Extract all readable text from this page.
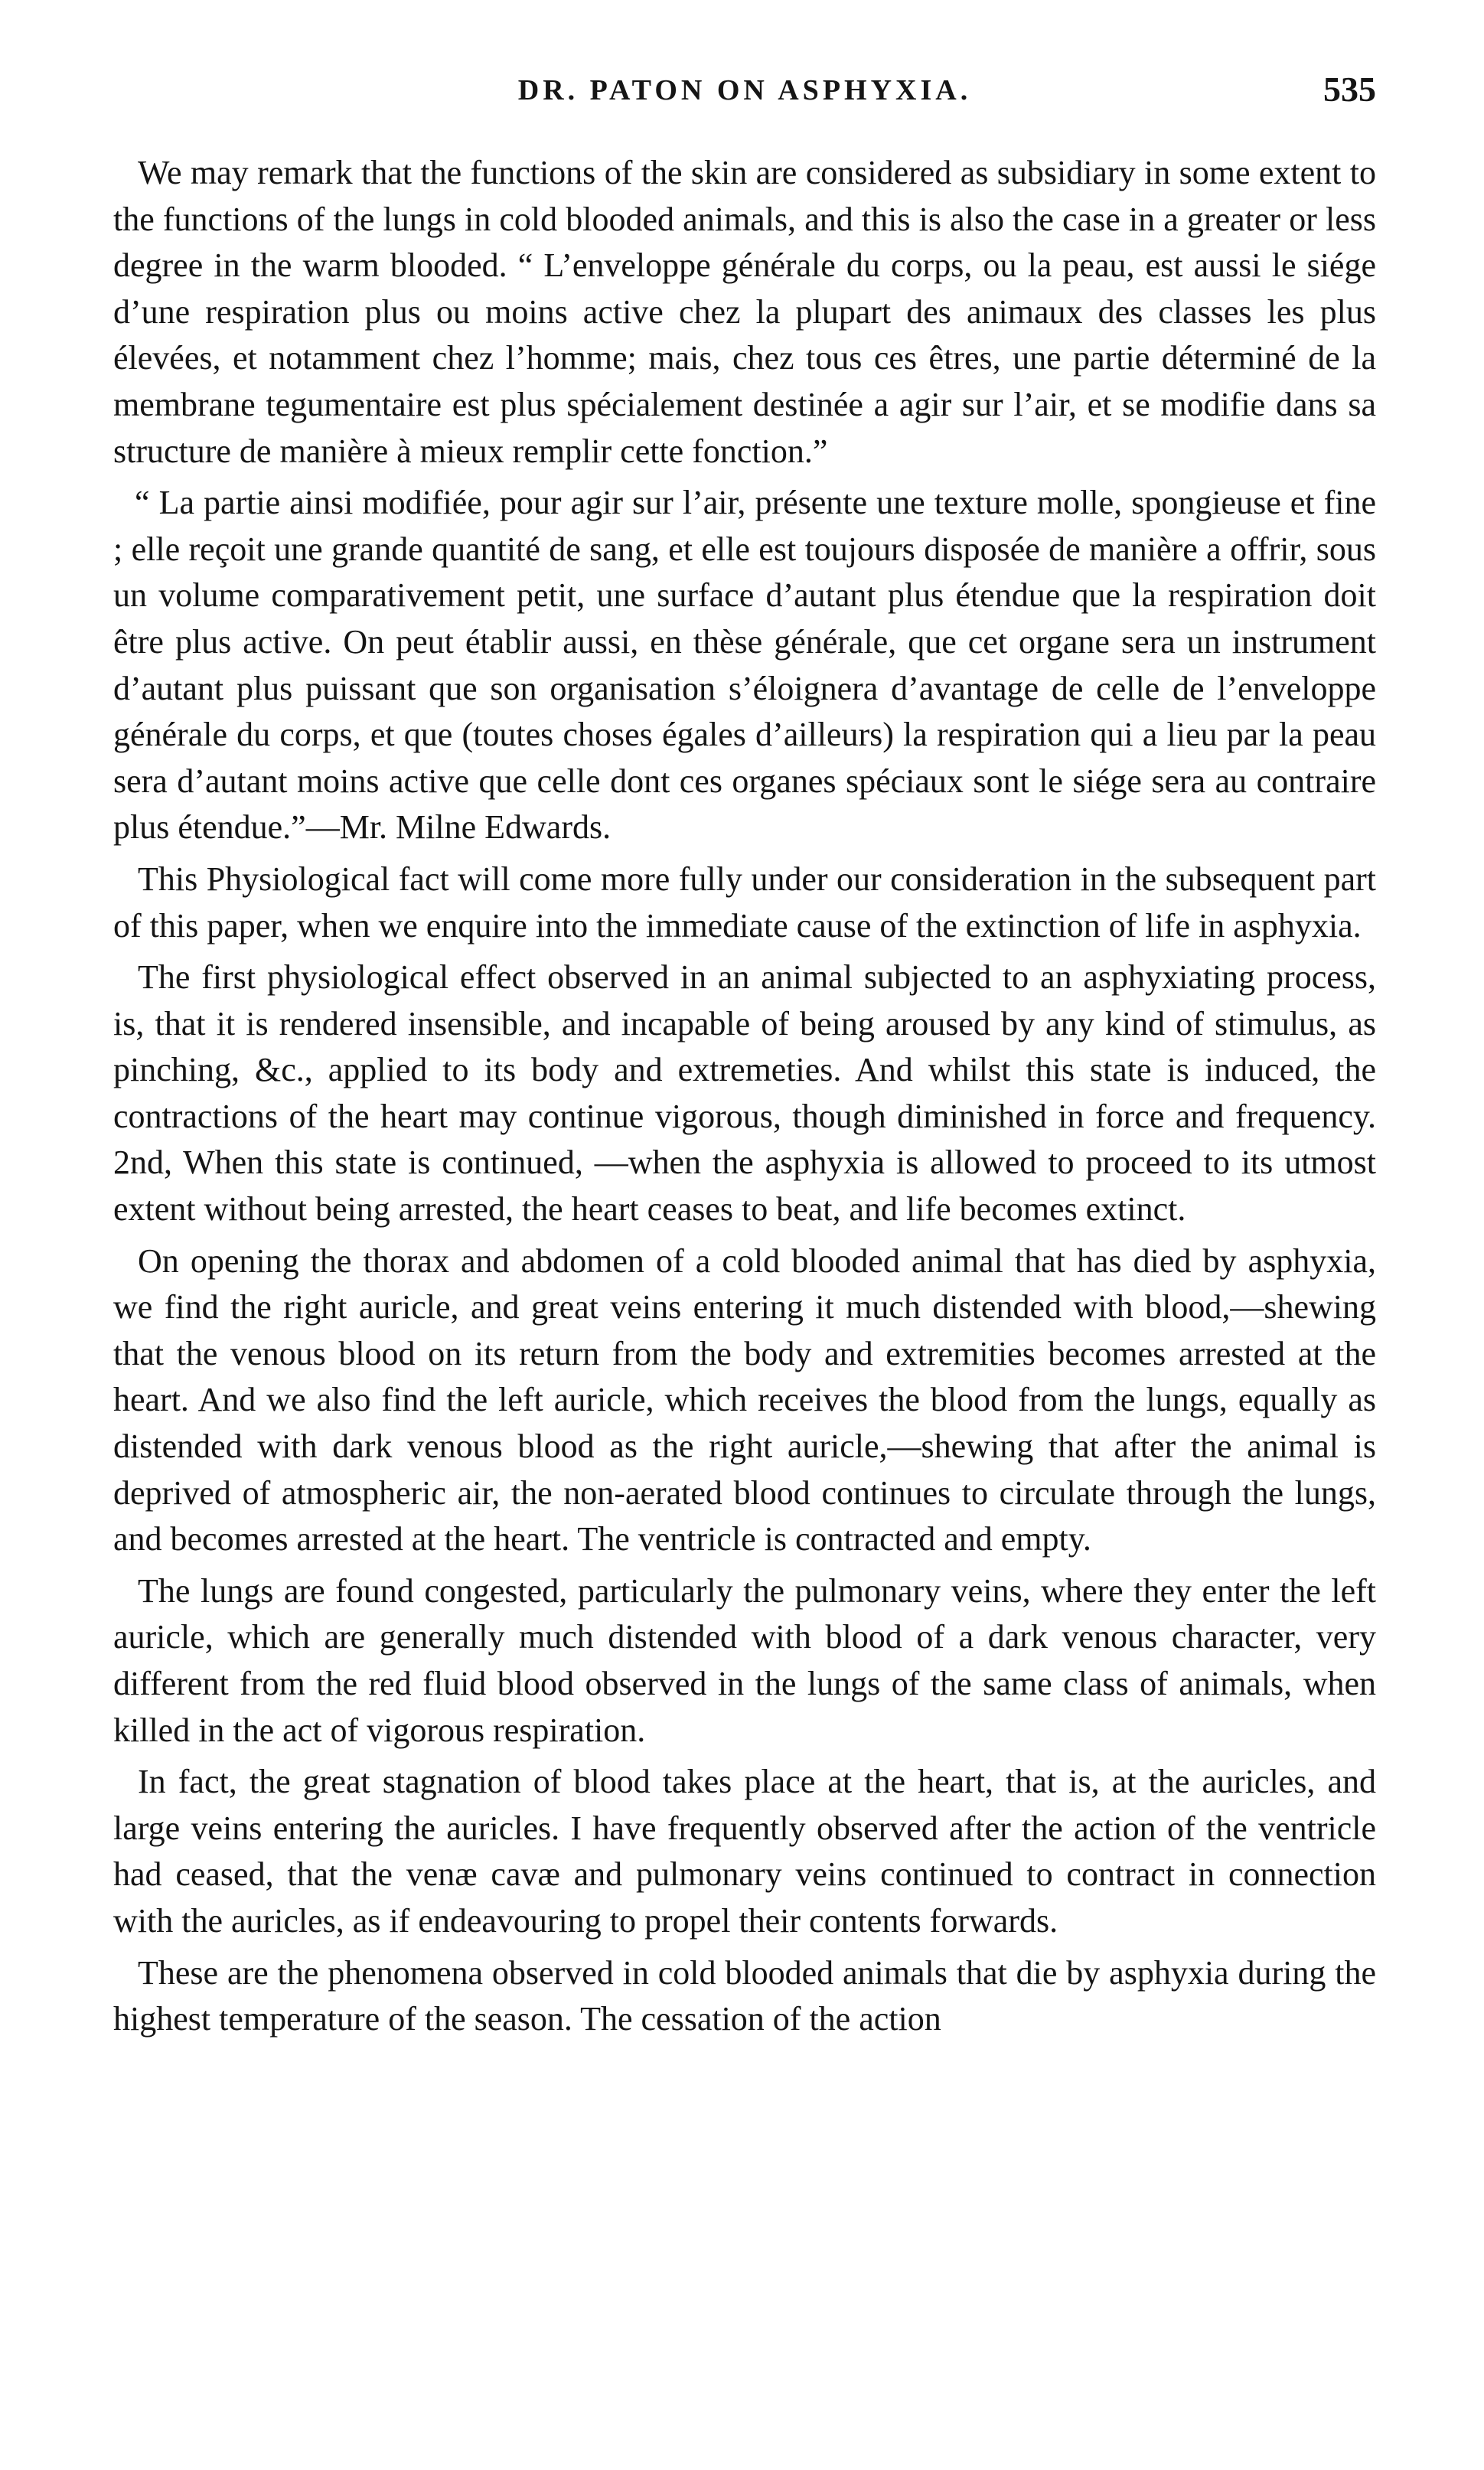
DR. PATON ON ASPHYXIA.	535

We may remark that the functions of the skin are considered as subsidiary in some extent to the functions of the lungs in cold blooded animals, and this is also the case in a greater or less degree in the warm blooded. “ L’enveloppe générale du corps, ou la peau, est aussi le siége d’une respiration plus ou moins active chez la plupart des animaux des classes les plus élevées, et notamment chez l’homme; mais, chez tous ces êtres, une partie déterminé de la membrane tegumentaire est plus spécialement destinée a agir sur l’air, et se modifie dans sa structure de manière à mieux remplir cette fonction.”

“ La partie ainsi modifiée, pour agir sur l’air, présente une texture molle, spongieuse et fine ; elle reçoit une grande quantité de sang, et elle est toujours disposée de manière a offrir, sous un volume comparativement petit, une surface d’autant plus étendue que la respiration doit être plus active. On peut établir aussi, en thèse générale, que cet organe sera un instrument d’autant plus puissant que son organisation s’éloignera d’avantage de celle de l’enveloppe générale du corps, et que (toutes choses égales d’ailleurs) la respiration qui a lieu par la peau sera d’autant moins active que celle dont ces organes spéciaux sont le siége sera au contraire plus étendue.”—Mr. Milne Edwards.

This Physiological fact will come more fully under our consideration in the subsequent part of this paper, when we enquire into the immediate cause of the extinction of life in asphyxia.

The first physiological effect observed in an animal subjected to an asphyxiating process, is, that it is rendered insensible, and incapable of being aroused by any kind of stimulus, as pinching, &c., applied to its body and extremeties. And whilst this state is induced, the contractions of the heart may continue vigorous, though diminished in force and frequency. 2nd, When this state is continued, —when the asphyxia is allowed to proceed to its utmost extent without being arrested, the heart ceases to beat, and life becomes extinct.

On opening the thorax and abdomen of a cold blooded animal that has died by asphyxia, we find the right auricle, and great veins entering it much distended with blood,—shewing that the venous blood on its return from the body and extremities becomes arrested at the heart. And we also find the left auricle, which receives the blood from the lungs, equally as distended with dark venous blood as the right auricle,—shewing that after the animal is deprived of atmospheric air, the non-aerated blood continues to circulate through the lungs, and becomes arrested at the heart. The ventricle is contracted and empty.

The lungs are found congested, particularly the pulmonary veins, where they enter the left auricle, which are generally much distended with blood of a dark venous character, very different from the red fluid blood observed in the lungs of the same class of animals, when killed in the act of vigorous respiration.

In fact, the great stagnation of blood takes place at the heart, that is, at the auricles, and large veins entering the auricles. I have frequently observed after the action of the ventricle had ceased, that the venæ cavæ and pulmonary veins continued to contract in connection with the auricles, as if endeavouring to propel their contents forwards.

These are the phenomena observed in cold blooded animals that die by asphyxia during the highest temperature of the season. The cessation of the action
